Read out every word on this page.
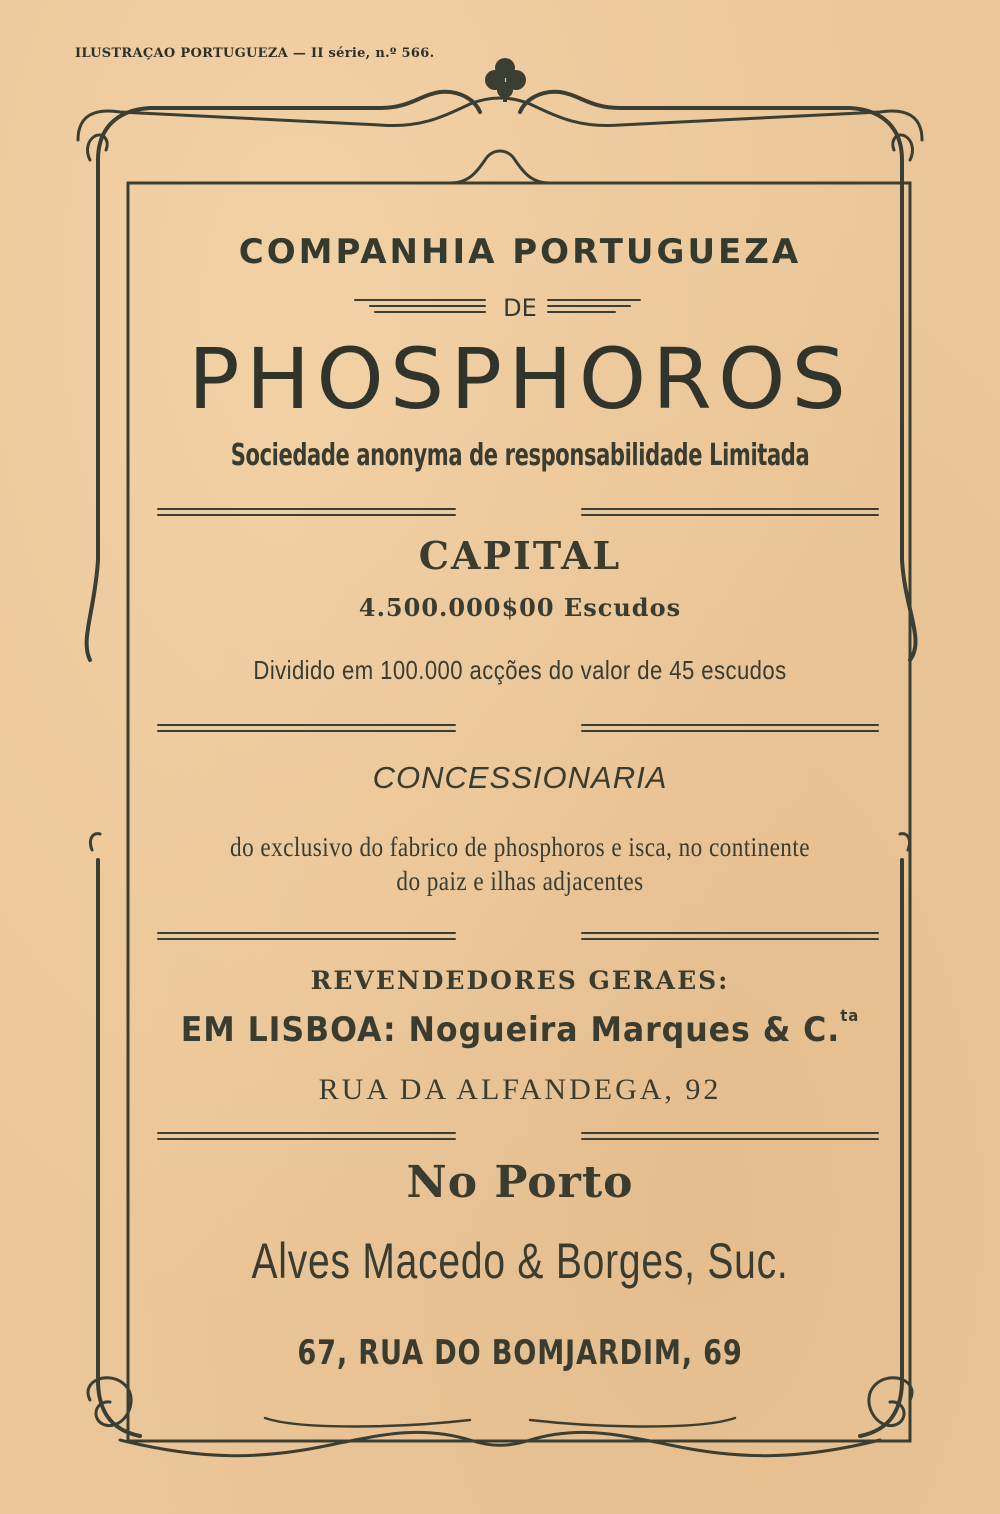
ILUSTRAÇAO PORTUGUEZA — II série, n.º 566.
COMPANHIA PORTUGUEZA
DE
PHOSPHOROS
Sociedade anonyma de responsabilidade Limitada
CAPITAL
4.500.000$00 Escudos
Dividido em 100.000 acções do valor de 45 escudos
CONCESSIONARIA
do exclusivo do fabrico de phosphoros e isca, no continente
do paiz e ilhas adjacentes
REVENDEDORES GERAES:
EM LISBOA: Nogueira Marques & C.$^{ta}$
RUA DA ALFANDEGA, 92
No Porto
Alves Macedo & Borges, Suc.
67, RUA DO BOMJARDIM, 69
